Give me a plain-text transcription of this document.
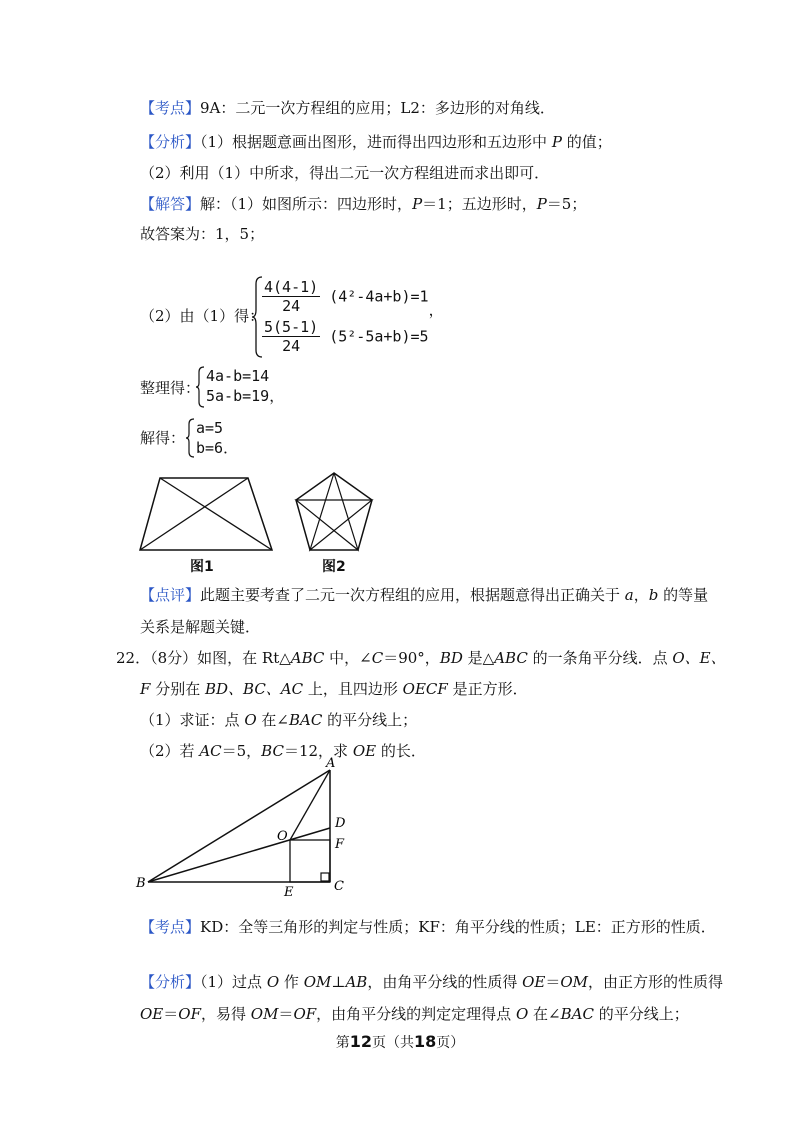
【考点】9A：二元一次方程组的应用；L2：多边形的对角线．
【分析】（1）根据题意画出图形，进而得出四边形和五边形中 P 的值；
（2）利用（1）中所求，得出二元一次方程组进而求出即可．
【解答】解：（1）如图所示：四边形时，P＝1；五边形时，P＝5；
故答案为：1，5；
（2）由（1）得：
$\frac{4(4-1)}{24} (4^2-4a+b)=1$，
$\frac{5(5-1)}{24} (5^2-5a+b)=5$
整理得：
4a-b=14
5a-b=19，
解得：
a=5
b=6．
图1	图2
【点评】此题主要考查了二元一次方程组的应用，根据题意得出正确关于 a，b 的等量
关系是解题关键．
22．（8分）如图，在 Rt△ABC 中，∠C＝90°，BD 是△ABC 的一条角平分线．点 O、E、
F 分别在 BD、BC、AC 上，且四边形 OECF 是正方形．
（1）求证：点 O 在∠BAC 的平分线上；
（2）若 AC＝5，BC＝12，求 OE 的长．
A
B	C
D
E
F
O
【考点】KD：全等三角形的判定与性质；KF：角平分线的性质；LE：正方形的性质．
【分析】（1）过点 O 作 OM⊥AB，由角平分线的性质得 OE＝OM，由正方形的性质得
OE＝OF，易得 OM＝OF，由角平分线的判定定理得点 O 在∠BAC 的平分线上；
第12页（共18页）
